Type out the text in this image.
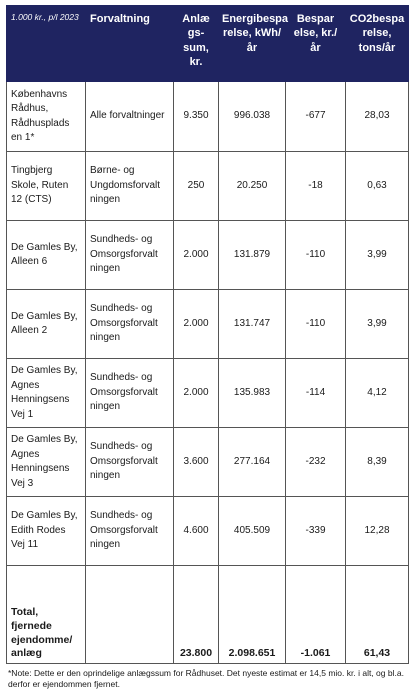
1.000 kr., p/l 2023	Forvaltning	Anlæ gs- sum, kr.	Energibespa relse, kWh/år	Bespar else, kr./år	CO2bespa relse, tons/år
Københavns Rådhus, Rådhusplads en 1*	Alle forvaltninger	9.350	996.038	-677	28,03
Tingbjerg Skole, Ruten 12 (CTS)	Børne- og Ungdomsforvalt ningen	250	20.250	-18	0,63
De Gamles By, Alleen 6	Sundheds- og Omsorgsforvalt ningen	2.000	131.879	-110	3,99
De Gamles By, Alleen 2	Sundheds- og Omsorgsforvalt ningen	2.000	131.747	-110	3,99
De Gamles By, Agnes Henningsens Vej 1	Sundheds- og Omsorgsforvalt ningen	2.000	135.983	-114	4,12
De Gamles By, Agnes Henningsens Vej 3	Sundheds- og Omsorgsforvalt ningen	3.600	277.164	-232	8,39
De Gamles By, Edith Rodes Vej 11	Sundheds- og Omsorgsforvalt ningen	4.600	405.509	-339	12,28
Total, fjernede ejendomme/ anlæg		23.800	2.098.651	-1.061	61,43
*Note: Dette er den oprindelige anlægssum for Rådhuset. Det nyeste estimat er 14,5 mio. kr. i alt, og bl.a. derfor er ejendommen fjernet.
